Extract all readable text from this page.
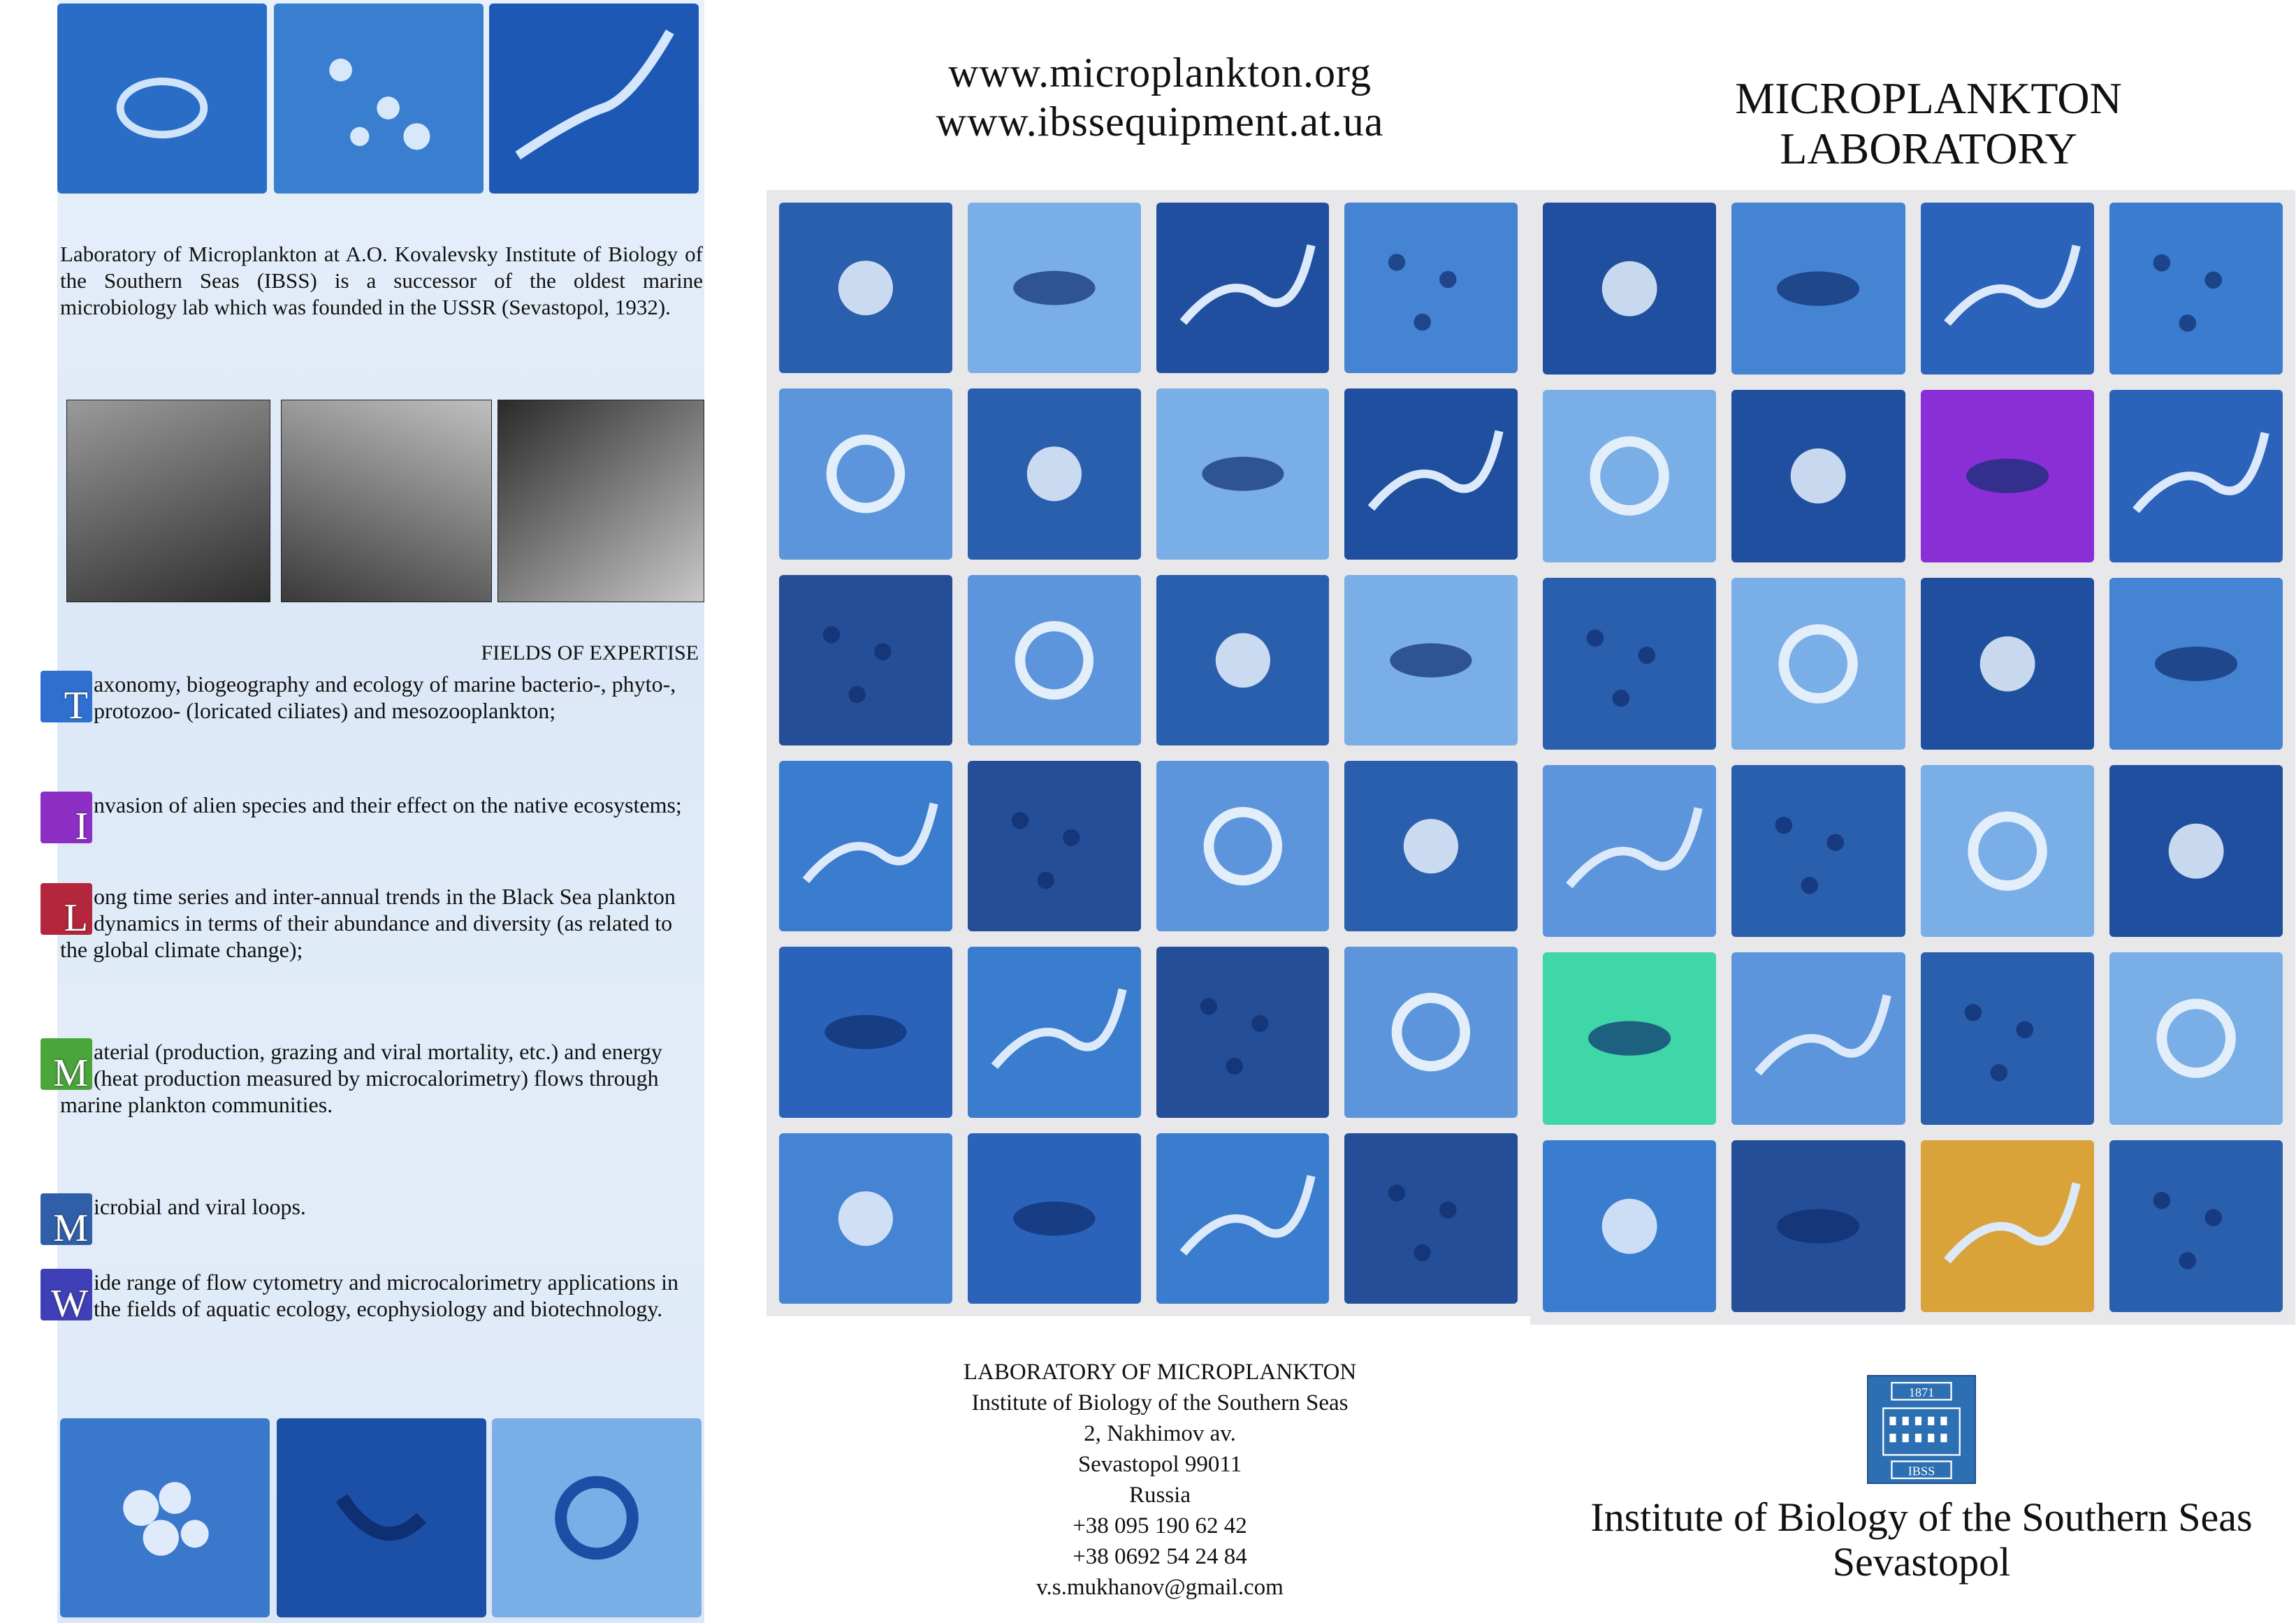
Laboratory of Microplankton at A.O. Kovalevsky Institute of Biology of the Southern Seas (IBSS) is a successor of the oldest marine microbiology lab which was founded in the USSR (Sevastopol, 1932).
FIELDS OF EXPERTISE
T axonomy, biogeography and ecology of marine bacterio-, phyto-, protozoo- (loricated ciliates) and mesozooplankton;
I nvasion of alien species and their effect on the native ecosystems;
L ong time series and inter-annual trends in the Black Sea plankton dynamics in terms of their abundance and diversity (as related to the global climate change);
M aterial (production, grazing and viral mortality, etc.) and energy (heat production measured by microcalorimetry) flows through marine plankton communities.
M icrobial and viral loops.
W ide range of flow cytometry and microcalorimetry applications in the fields of aquatic ecology, ecophysiology and biotechnology.
www.microplankton.org
www.ibssequipment.at.ua	MICROPLANKTON
LABORATORY
LABORATORY OF MICROPLANKTON
Institute of Biology of the Southern Seas
2, Nakhimov av.
Sevastopol 99011
Russia
+38 095 190 62 42
+38 0692 54 24 84
v.s.mukhanov@gmail.com
1871
IBSS
Institute of Biology of the Southern Seas
Sevastopol
